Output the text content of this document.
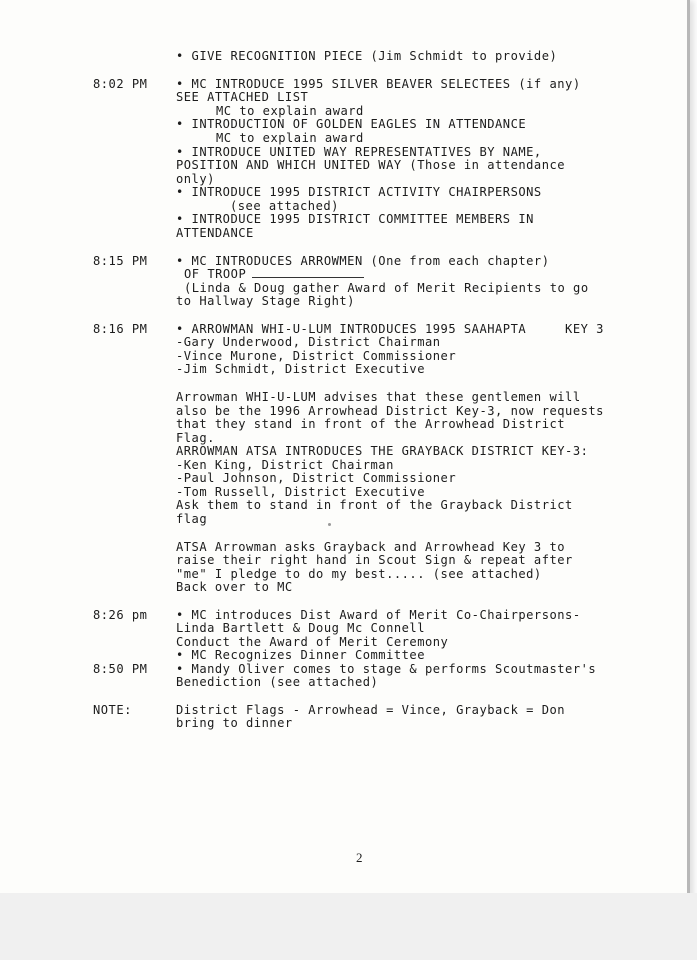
• GIVE RECOGNITION PIECE (Jim Schmidt to provide)
8:02 PM • MC INTRODUCE 1995 SILVER BEAVER SELECTEES (if any)
SEE ATTACHED LIST
MC to explain award
• INTRODUCTION OF GOLDEN EAGLES IN ATTENDANCE
MC to explain award
• INTRODUCE UNITED WAY REPRESENTATIVES BY NAME,
POSITION AND WHICH UNITED WAY (Those in attendance
only)
• INTRODUCE 1995 DISTRICT ACTIVITY CHAIRPERSONS
(see attached)
• INTRODUCE 1995 DISTRICT COMMITTEE MEMBERS IN
ATTENDANCE
8:15 PM • MC INTRODUCES ARROWMEN (One from each chapter)
OF TROOP
(Linda & Doug gather Award of Merit Recipients to go
to Hallway Stage Right)
8:16 PM • ARROWMAN WHI-U-LUM INTRODUCES 1995 SAAHAPTA     KEY 3
-Gary Underwood, District Chairman
-Vince Murone, District Commissioner
-Jim Schmidt, District Executive
Arrowman WHI-U-LUM advises that these gentlemen will
also be the 1996 Arrowhead District Key-3, now requests
that they stand in front of the Arrowhead District
Flag.
ARROWMAN ATSA INTRODUCES THE GRAYBACK DISTRICT KEY-3:
-Ken King, District Chairman
-Paul Johnson, District Commissioner
-Tom Russell, District Executive
Ask them to stand in front of the Grayback District
flag
ATSA Arrowman asks Grayback and Arrowhead Key 3 to
raise their right hand in Scout Sign & repeat after
"me" I pledge to do my best..... (see attached)
Back over to MC
8:26 pm • MC introduces Dist Award of Merit Co-Chairpersons-
Linda Bartlett & Doug Mc Connell
Conduct the Award of Merit Ceremony
• MC Recognizes Dinner Committee
8:50 PM • Mandy Oliver comes to stage & performs Scoutmaster's
Benediction (see attached)
NOTE:	District Flags - Arrowhead = Vince, Grayback = Don
bring to dinner
2
